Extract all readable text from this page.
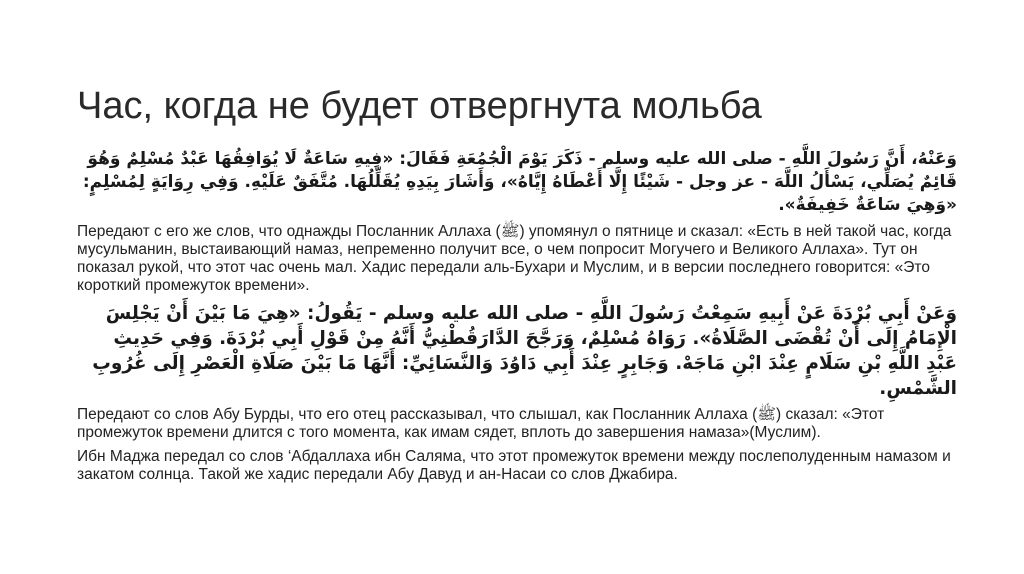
Час, когда не будет отвергнута мольба

وَعَنْهُ، أَنَّ رَسُولَ اللَّهِ - صلى الله عليه وسلم - ذَكَرَ يَوْمَ الْجُمُعَةِ فَقَالَ: «فِيهِ سَاعَةٌ لَا يُوَافِقُهَا عَبْدٌ مُسْلِمٌ وَهُوَ قَائِمٌ يُصَلِّي، يَسْأَلُ اللَّهَ - عز وجل - شَيْئًا إِلَّا أَعْطَاهُ إِيَّاهُ»، وَأَشَارَ بِيَدِهِ يُقَلِّلُهَا. مُتَّفَقٌ عَلَيْهِ. وَفِي رِوَايَةٍ لِمُسْلِمٍ: «وَهِيَ سَاعَةٌ خَفِيفَةٌ».

Передают с его же слов, что однажды Посланник Аллаха (ﷺ) упомянул о пятнице и сказал: «Есть в ней такой час, когда мусульманин, выстаивающий намаз, непременно получит все, о чем попросит Могучего и Великого Аллаха». Тут он показал рукой, что этот час очень мал. Хадис передали аль-Бухари и Муслим, и в версии последнего говорится: «Это короткий промежуток времени».

وَعَنْ أَبِي بُرْدَةَ عَنْ أَبِيهِ سَمِعْتُ رَسُولَ اللَّهِ - صلى الله عليه وسلم - يَقُولُ: «هِيَ مَا بَيْنَ أَنْ يَجْلِسَ الْإِمَامُ إِلَى أَنْ تُقْضَى الصَّلَاةُ». رَوَاهُ مُسْلِمٌ، وَرَجَّحَ الدَّارَقُطْنِيُّ أَنَّهُ مِنْ قَوْلِ أَبِي بُرْدَةَ. وَفِي حَدِيثِ عَبْدِ اللَّهِ بْنِ سَلَامٍ عِنْدَ ابْنِ مَاجَهْ. وَجَابِرٍ عِنْدَ أَبِي دَاوُدَ وَالنَّسَائِيِّ: أَنَّهَا مَا بَيْنَ صَلَاةِ الْعَصْرِ إِلَى غُرُوبِ الشَّمْسِ.

Передают со слов Абу Бурды, что его отец рассказывал, что слышал, как Посланник Аллаха (ﷺ) сказал: «Этот промежуток времени длится с того момента, как имам сядет, вплоть до завершения намаза»(Муслим).

Ибн Маджа передал со слов ‘Абдаллаха ибн Саляма, что этот промежуток времени между послеполуденным намазом и закатом солнца. Такой же хадис передали Абу Давуд и ан-Насаи со слов Джабира.
